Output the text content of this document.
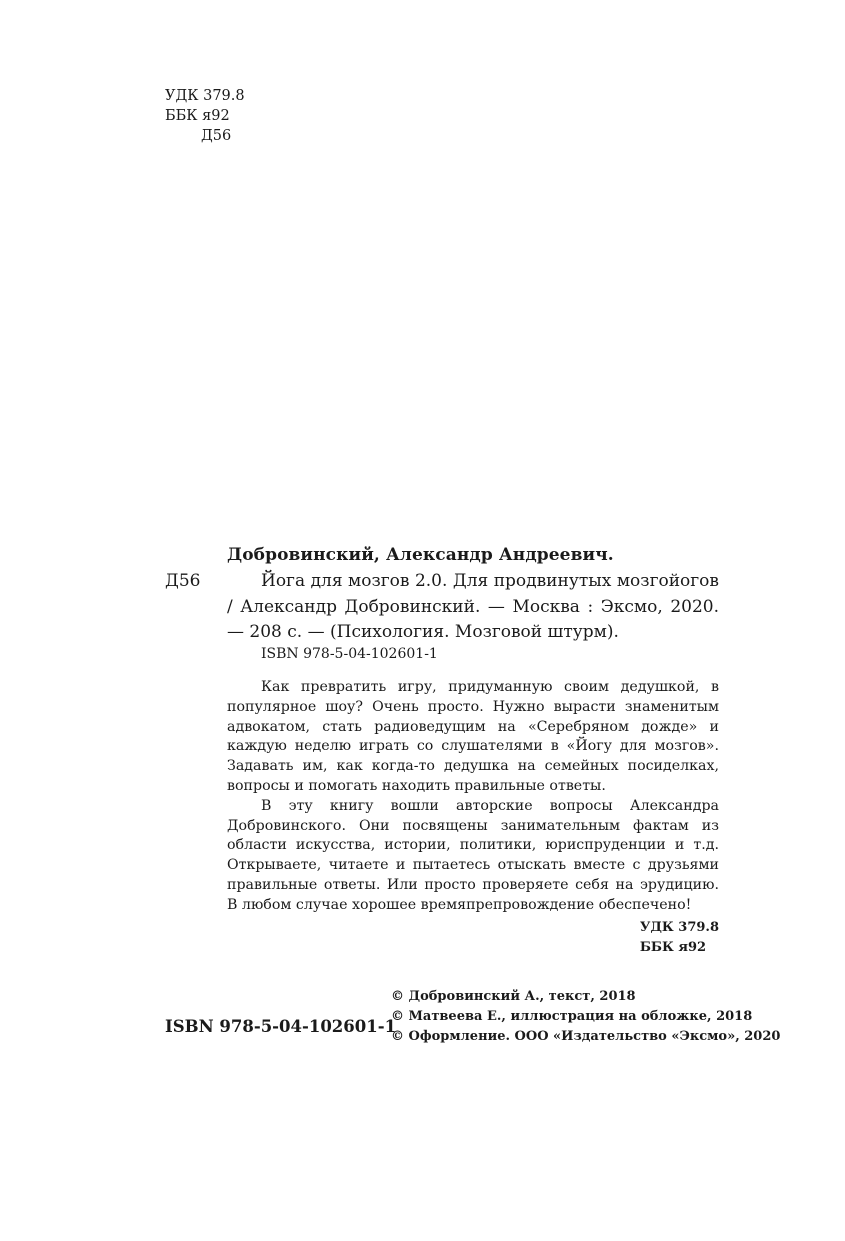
УДК 379.8
ББК я92
Д56
Добровинский, Александр Андреевич.
Д56	Йога для мозгов 2.0. Для продвинутых мозгойогов / Александр Добровинский. — Москва : Эксмо, 2020. — 208 с. — (Психология. Мозговой штурм).
ISBN 978-5-04-102601-1

Как превратить игру, придуманную своим дедушкой, в популярное шоу? Очень просто. Нужно вырасти знаменитым адвокатом, стать радиоведущим на «Серебряном дожде» и каждую неделю играть со слушателями в «Йогу для мозгов». Задавать им, как когда-то дедушка на семейных посиделках, вопросы и помогать находить правильные ответы.

В эту книгу вошли авторские вопросы Александра Добровинского. Они посвящены занимательным фактам из области искусства, истории, политики, юриспруденции и т.д. Открываете, читаете и пытаетесь отыскать вместе с друзьями правильные ответы. Или просто проверяете себя на эрудицию. В любом случае хорошее времяпрепровождение обеспечено!

УДК 379.8
ББК я92
ISBN 978-5-04-102601-1
© Добровинский А., текст, 2018
© Матвеева Е., иллюстрация на обложке, 2018
© Оформление. ООО «Издательство «Эксмо», 2020
